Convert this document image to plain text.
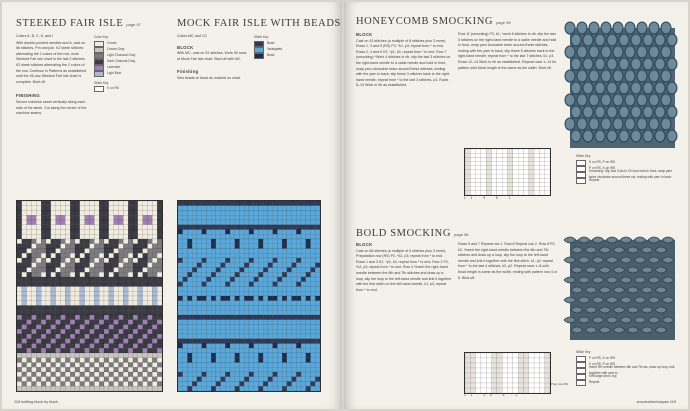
STEEKED FAIR ISLE page 97

Colors A, B, C, D, and I

With double-pointed needles and A, cast on 66 stitches. Pm and join. K2 steek stitches alternating the 2 colors of the row; work Steeked Fair Isle chart to the last 2 stitches. K2 steek stitches alternating the 2 colors of the row. Continue in Patterns as established until the 45-row Steeked Fair Isle chart is complete. Bind off.

FINISHING

Secure machine seam vertically along each side of the steek. Cut along the center of the machine seams.

Color Key
Cream
Cream Gray
Light Charcoal Gray
Dark Charcoal Gray
Lavender
Light Blue
Stitch Key
K on RS
MOCK FAIR ISLE WITH BEADS

Colors MC and CC

BLOCK

With MC, cast on 51 stitches. Work 50 rows of Mock Fair Isle chart. Bind off with MC.

Finishing

Sew beads to block as marked on chart.

Stitch Key
Bead
Variegated
Bead
118 knitting block by block
HONEYCOMB SMOCKING page 98

BLOCK

Cast on 43 stitches (a multiple of 8 stitches plus 3 more). Rows 1, 3 and 5 (RS) P3, *k1, p3; repeat from * to end. Rows 2, 4 and 6 K3, *p1, k3; repeat from * to end. Row 7 (smocking) *Work 4 stitches in rib, slip the last 3 stitches on the right-hand needle to a cable needle and hold in front, wrap yarn clockwise twice around these stitches, ending with the yarn in back; slip these 3 stitches back to the right-hand needle; repeat from * to the last 3 stitches, p3. Rows 8–10 Work in rib as established.

Row 11 (smocking) P3, k1, *work 8 stitches in rib, slip the last 5 stitches on the right-hand needle to a cable needle and hold in front, wrap yarn clockwise twice around these stitches, ending with the yarn in back, slip these 5 stitches back to the right-hand needle; repeat from * to the last 7 stitches, k1, p3. Rows 12–14 Work in rib as established. Repeat rows 1–14 for pattern until block length is the same as the width. Bind off.

11 9 5 1
Stitch Key
K on RS, P on WS
P on RS, K on WS
Smocking: Slip last 3 sts to CN and hold in front, wrap yarn twice clockwise around these sts, ending with yarn in back
Repeat
BOLD SMOCKING page 98

BLOCK

Cast on 68 stitches (a multiple of 5 stitches plus 3 more). Preparation row (RS) P2, *k2, p3; repeat from * to end. Rows 1 and 3 K2, *p2, k3; repeat from * to end. Row 2 P2, *k2, p3; repeat from * to end. Row 4 *Insert the right-hand needle between the 6th and 7th stitches and draw up a loop, slip the loop to the left-hand needle and knit it together with the first stitch on the left-hand needle, k1, p2; repeat from * to end.

Rows 5 and 7 Repeat row 1. Row 6 Repeat row 2. Row 8 P2, k2, *insert the right-hand needle between the 6th and 7th stitches and draw up a loop, slip the loop to the left-hand needle and knit it together with the first stitch, k1, p2; repeat from * to the last 4 stitches, k2, p2. Repeat rows 1–8 until block length is same as the width, ending with pattern row 4 or 8. Bind off.

Prep row RS
11 10 5 1
Stitch Key
P on RS, K on WS
K on RS, P on WS
Insert RH needle between 6th and 7th sts, draw up loop, knit together with next st
Knit large and k top
Repeat
smocks/techniques 119
